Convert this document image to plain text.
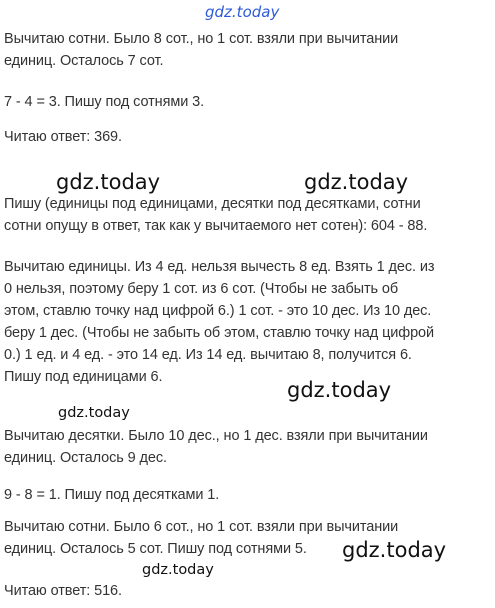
gdz.today
Вычитаю сотни. Было 8 сот., но 1 сот. взяли при вычитании
единиц. Осталось 7 сот.
7 - 4 = 3. Пишу под сотнями 3.
Читаю ответ: 369.
gdz.today	gdz.today
Пишу (единицы под единицами, десятки под десятками, сотни
сотни опущу в ответ, так как у вычитаемого нет сотен): 604 - 88.
Вычитаю единицы. Из 4 ед. нельзя вычесть 8 ед. Взять 1 дес. из
0 нельзя, поэтому беру 1 сот. из 6 сот. (Чтобы не забыть об
этом, ставлю точку над цифрой 6.) 1 сот. - это 10 дес. Из 10 дес.
беру 1 дес. (Чтобы не забыть об этом, ставлю точку над цифрой
0.) 1 ед. и 4 ед. - это 14 ед. Из 14 ед. вычитаю 8, получится 6.
Пишу под единицами 6.
gdz.today
gdz.today
Вычитаю десятки. Было 10 дес., но 1 дес. взяли при вычитании
единиц. Осталось 9 дес.
9 - 8 = 1. Пишу под десятками 1.
Вычитаю сотни. Было 6 сот., но 1 сот. взяли при вычитании
единиц. Осталось 5 сот. Пишу под сотнями 5.	gdz.today
gdz.today
Читаю ответ: 516.
